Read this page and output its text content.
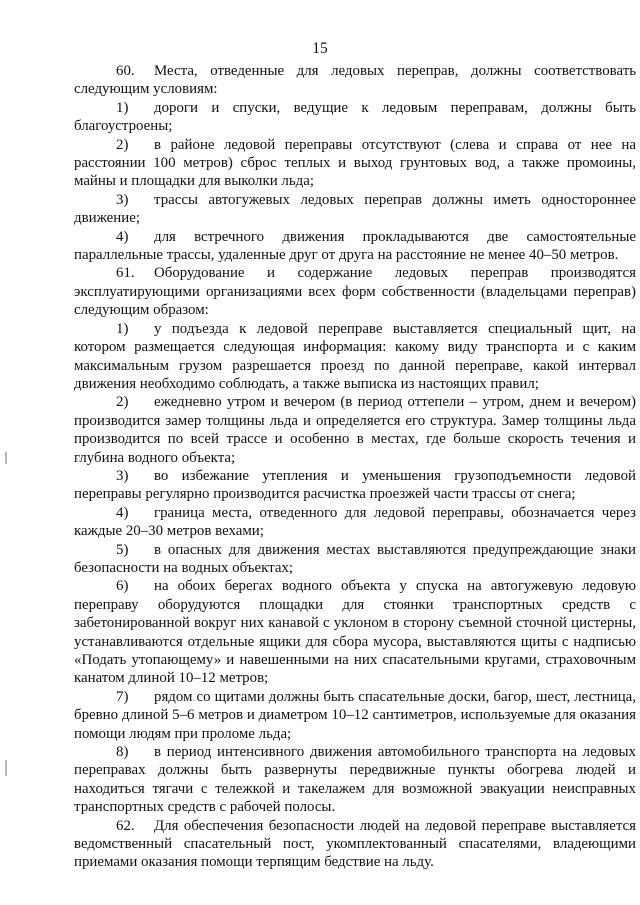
15

60. Места, отведенные для ледовых переправ, должны соответствовать следующим условиям:

1) дороги и спуски, ведущие к ледовым переправам, должны быть благоустроены;

2) в районе ледовой переправы отсутствуют (слева и справа от нее на расстоянии 100 метров) сброс теплых и выход грунтовых вод, а также промоины, майны и площадки для выколки льда;

3) трассы автогужевых ледовых переправ должны иметь одностороннее движение;

4) для встречного движения прокладываются две самостоятельные параллельные трассы, удаленные друг от друга на расстояние не менее 40–50 метров.

61. Оборудование и содержание ледовых переправ производятся эксплуатирующими организациями всех форм собственности (владельцами переправ) следующим образом:

1) у подъезда к ледовой переправе выставляется специальный щит, на котором размещается следующая информация: какому виду транспорта и с каким максимальным грузом разрешается проезд по данной переправе, какой интервал движения необходимо соблюдать, а также выписка из настоящих правил;

2) ежедневно утром и вечером (в период оттепели – утром, днем и вечером) производится замер толщины льда и определяется его структура. Замер толщины льда производится по всей трассе и особенно в местах, где больше скорость течения и глубина водного объекта;

3) во избежание утепления и уменьшения грузоподъемности ледовой переправы регулярно производится расчистка проезжей части трассы от снега;

4) граница места, отведенного для ледовой переправы, обозначается через каждые 20–30 метров вехами;

5) в опасных для движения местах выставляются предупреждающие знаки безопасности на водных объектах;

6) на обоих берегах водного объекта у спуска на автогужевую ледовую переправу оборудуются площадки для стоянки транспортных средств с забетонированной вокруг них канавой с уклоном в сторону съемной сточной цистерны, устанавливаются отдельные ящики для сбора мусора, выставляются щиты с надписью «Подать утопающему» и навешенными на них спасательными кругами, страховочным канатом длиной 10–12 метров;

7) рядом со щитами должны быть спасательные доски, багор, шест, лестница, бревно длиной 5–6 метров и диаметром 10–12 сантиметров, используемые для оказания помощи людям при проломе льда;

8) в период интенсивного движения автомобильного транспорта на ледовых переправах должны быть развернуты передвижные пункты обогрева людей и находиться тягачи с тележкой и такелажем для возможной эвакуации неисправных транспортных средств с рабочей полосы.

62. Для обеспечения безопасности людей на ледовой переправе выставляется ведомственный спасательный пост, укомплектованный спасателями, владеющими приемами оказания помощи терпящим бедствие на льду.
